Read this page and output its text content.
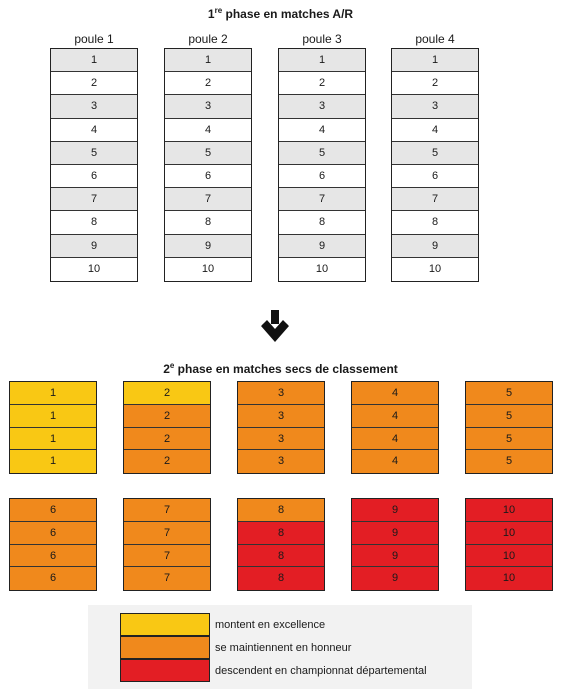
1re phase en matches A/R
poule 1
1
2
3
4
5
6
7
8
9
10
poule 2
1
2
3
4
5
6
7
8
9
10
poule 3
1
2
3
4
5
6
7
8
9
10
poule 4
1
2
3
4
5
6
7
8
9
10
2e phase en matches secs de classement
1
1
1
1
2
2
2
2
3
3
3
3
4
4
4
4
5
5
5
5
6
6
6
6
7
7
7
7
8
8
8
8
9
9
9
9
10
10
10
10
montent en excellence
se maintiennent en honneur
descendent en championnat départemental
